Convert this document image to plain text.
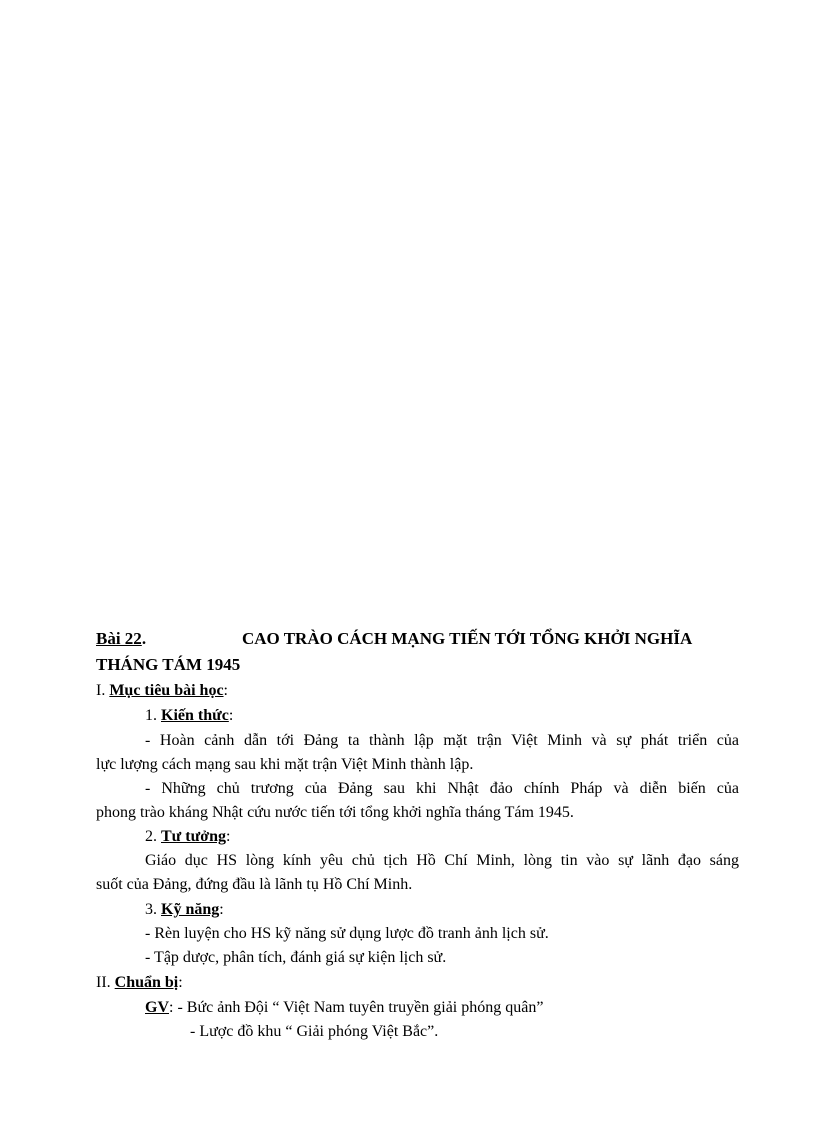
Bài 22.	CAO TRÀO CÁCH MẠNG TIẾN TỚI TỔNG KHỞI NGHĨA
THÁNG TÁM 1945
I. Mục tiêu bài học:
1. Kiến thức:
- Hoàn cảnh dẫn tới Đảng ta thành lập mặt trận Việt Minh và sự phát triển của
lực lượng cách mạng sau khi mặt trận Việt Minh thành lập.
- Những chủ trương của Đảng sau khi Nhật đảo chính Pháp và diễn biến của
phong trào kháng Nhật cứu nước tiến tới tổng khởi nghĩa tháng Tám 1945.
2. Tư tưởng:
Giáo dục HS lòng kính yêu chủ tịch Hồ Chí Minh, lòng tin vào sự lãnh đạo sáng
suốt của Đảng, đứng đầu là lãnh tụ Hồ Chí Minh.
3. Kỹ năng:
- Rèn luyện cho HS kỹ năng sử dụng lược đồ tranh ảnh lịch sử.
- Tập dược, phân tích, đánh giá sự kiện lịch sử.
II. Chuẩn bị:
GV: - Bức ảnh Đội “ Việt Nam tuyên truyền giải phóng quân”
- Lược đồ khu “ Giải phóng Việt Bắc”.
